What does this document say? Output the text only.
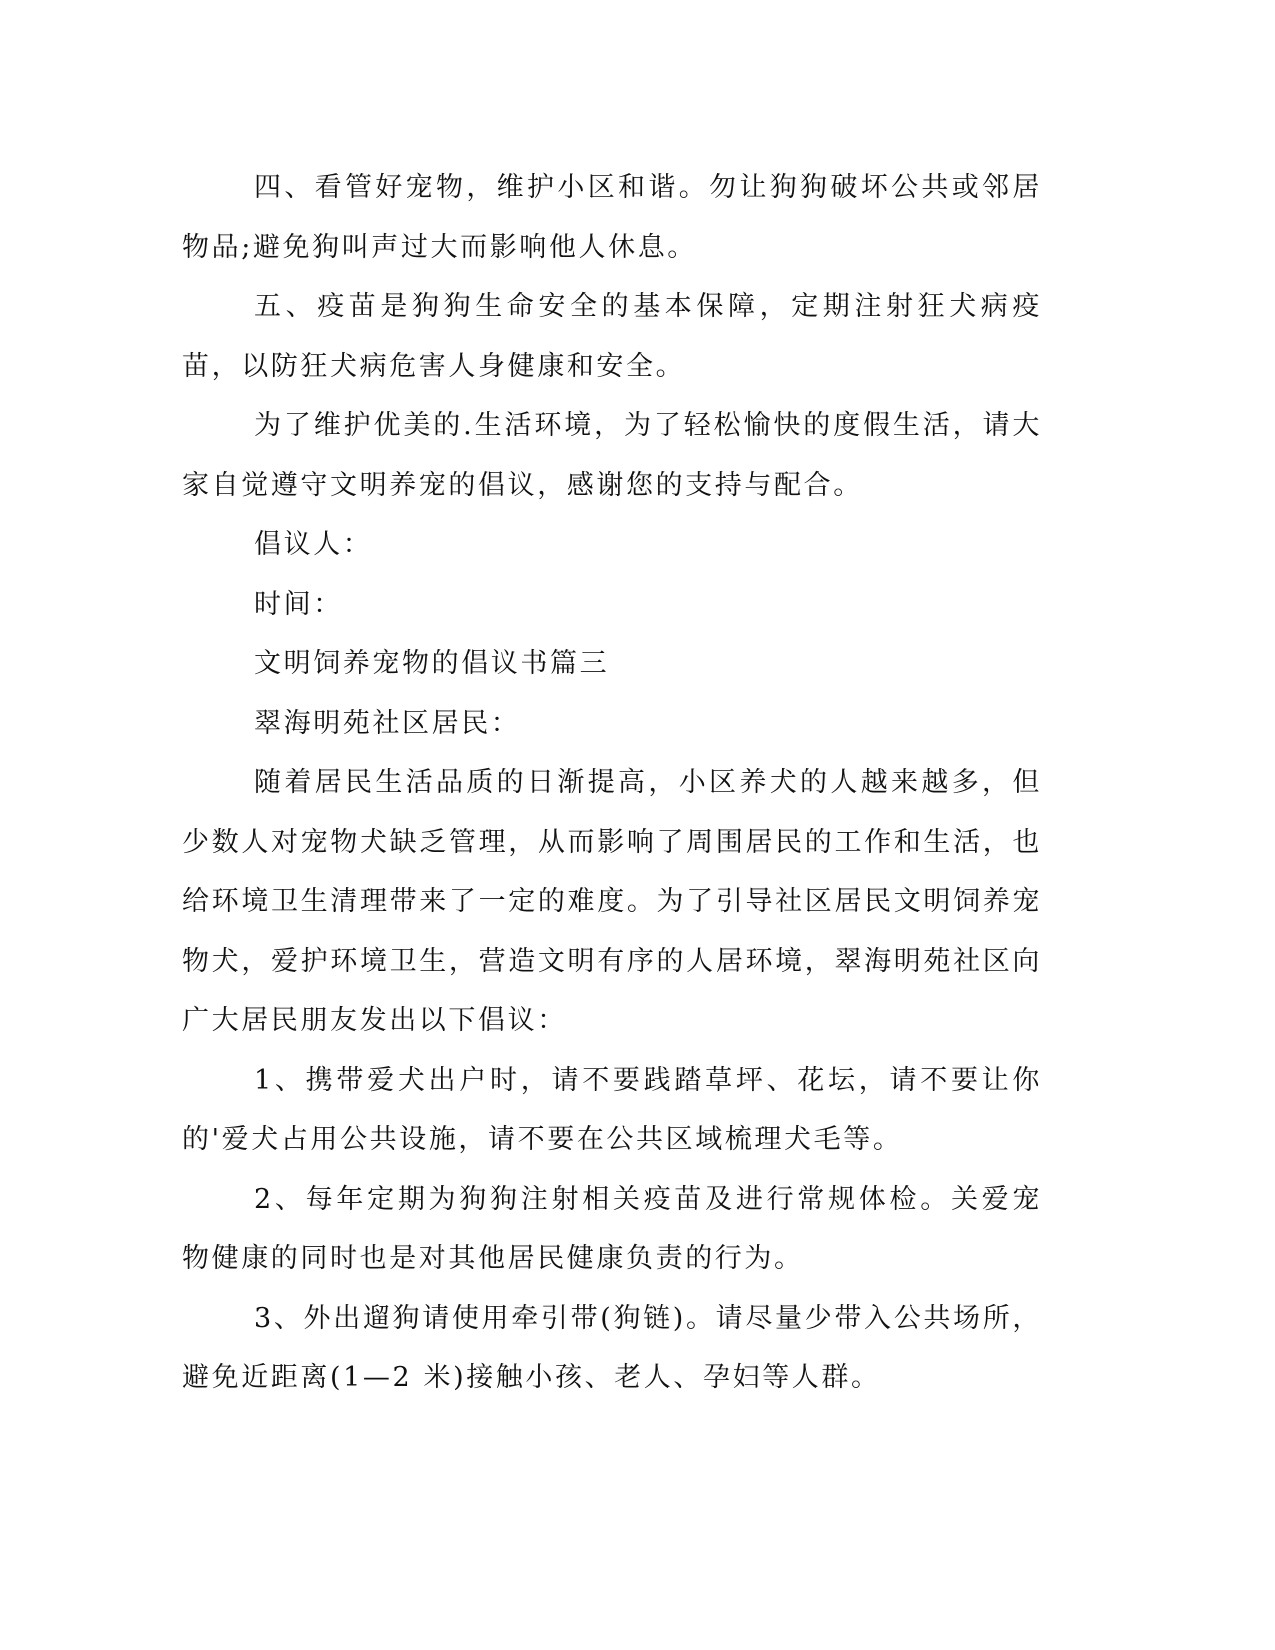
四、看管好宠物，维护小区和谐。勿让狗狗破坏公共或邻居物品;避免狗叫声过大而影响他人休息。

五、疫苗是狗狗生命安全的基本保障，定期注射狂犬病疫苗，以防狂犬病危害人身健康和安全。

为了维护优美的.生活环境，为了轻松愉快的度假生活，请大家自觉遵守文明养宠的倡议，感谢您的支持与配合。

倡议人：

时间：

文明饲养宠物的倡议书篇三

翠海明苑社区居民：

随着居民生活品质的日渐提高，小区养犬的人越来越多，但少数人对宠物犬缺乏管理，从而影响了周围居民的工作和生活，也给环境卫生清理带来了一定的难度。为了引导社区居民文明饲养宠物犬，爱护环境卫生，营造文明有序的人居环境，翠海明苑社区向广大居民朋友发出以下倡议：

1、携带爱犬出户时，请不要践踏草坪、花坛，请不要让你的'爱犬占用公共设施，请不要在公共区域梳理犬毛等。

2、每年定期为狗狗注射相关疫苗及进行常规体检。关爱宠物健康的同时也是对其他居民健康负责的行为。

3、外出遛狗请使用牵引带(狗链)。请尽量少带入公共场所，避免近距离(1—2 米)接触小孩、老人、孕妇等人群。
